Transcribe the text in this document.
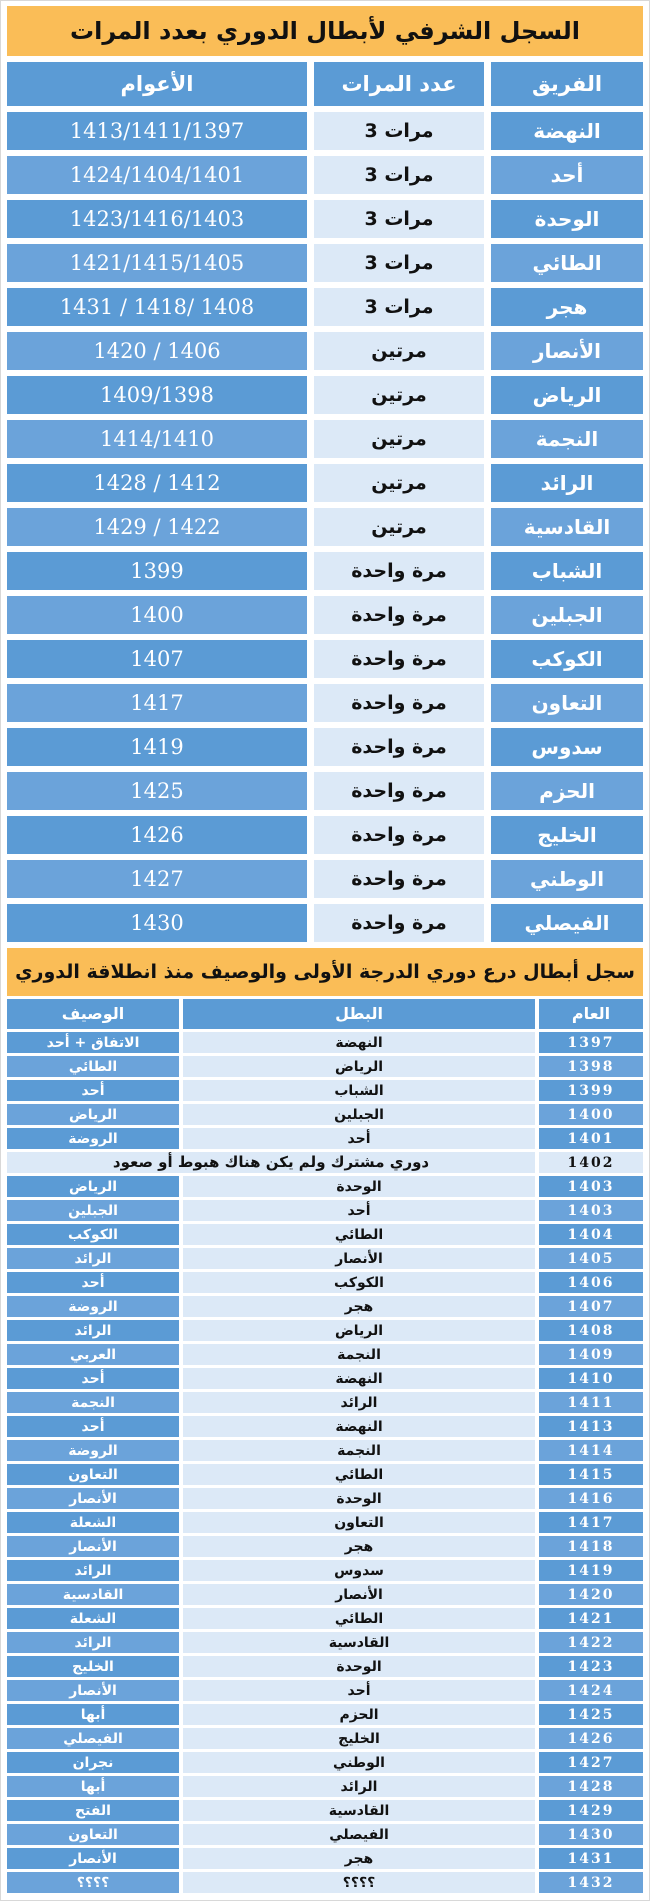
السجل الشرفي لأبطال الدوري بعدد المرات
الفريق
عدد المرات
الأعوام
النهضة
3 مرات
1413/1411/1397
أحد
3 مرات
1424/1404/1401
الوحدة
3 مرات
1423/1416/1403
الطائي
3 مرات
1421/1415/1405
هجر
3 مرات
1431 / 1418/ 1408
الأنصار
مرتين
1420 / 1406
الرياض
مرتين
1409/1398
النجمة
مرتين
1414/1410
الرائد
مرتين
1428 / 1412
القادسية
مرتين
1429 / 1422
الشباب
مرة واحدة
1399
الجبلين
مرة واحدة
1400
الكوكب
مرة واحدة
1407
التعاون
مرة واحدة
1417
سدوس
مرة واحدة
1419
الحزم
مرة واحدة
1425
الخليج
مرة واحدة
1426
الوطني
مرة واحدة
1427
الفيصلي
مرة واحدة
1430
سجل أبطال درع دوري الدرجة الأولى والوصيف منذ انطلاقة الدوري
العام
البطل
الوصيف
1397
النهضة
الاتفاق + أحد
1398
الرياض
الطائي
1399
الشباب
أحد
1400
الجبلين
الرياض
1401
أحد
الروضة
1402
دوري مشترك ولم يكن هناك هبوط أو صعود
1403
الوحدة
الرياض
1403
أحد
الجبلين
1404
الطائي
الكوكب
1405
الأنصار
الرائد
1406
الكوكب
أحد
1407
هجر
الروضة
1408
الرياض
الرائد
1409
النجمة
العربي
1410
النهضة
أحد
1411
الرائد
النجمة
1413
النهضة
أحد
1414
النجمة
الروضة
1415
الطائي
التعاون
1416
الوحدة
الأنصار
1417
التعاون
الشعلة
1418
هجر
الأنصار
1419
سدوس
الرائد
1420
الأنصار
القادسية
1421
الطائي
الشعلة
1422
القادسية
الرائد
1423
الوحدة
الخليج
1424
أحد
الأنصار
1425
الحزم
أبها
1426
الخليج
الفيصلي
1427
الوطني
نجران
1428
الرائد
أبها
1429
القادسية
الفتح
1430
الفيصلي
التعاون
1431
هجر
الأنصار
1432
؟؟؟؟
؟؟؟؟
